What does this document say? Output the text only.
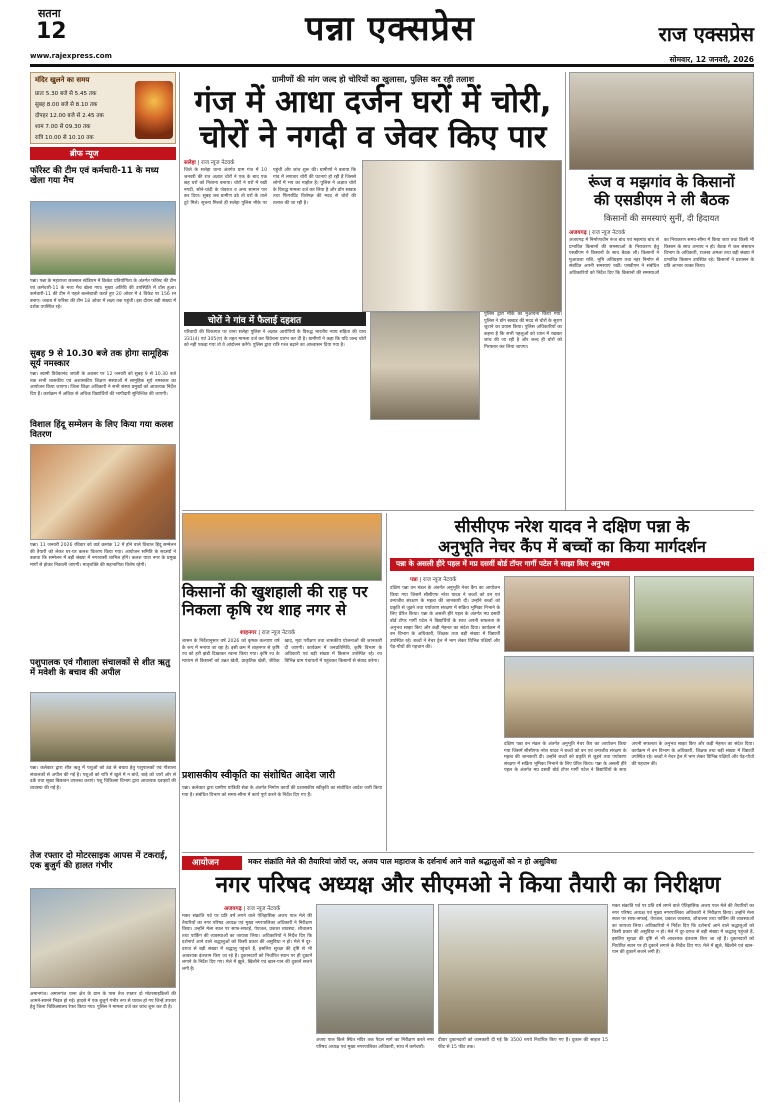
सतना
12
www.rajexpress.com
पन्ना एक्सप्रेस	राज एक्सप्रेस
सोमवार, 12 जनवरी, 2026
मंदिर खुलने का समय
प्रातः 5.30 बजे से 5.45 तक
सुबह 8.00 बजे से 8.10 तक
दोपहर 12.00 बजे से 2.45 तक
शाम 7.00 से 09.30 तक
रात्रि 10.00 से 10.10 तक
ब्रीफ न्यूज
फॉरेस्ट की टीम एवं कर्मचारी-11 के मध्य खेला गया मैच
पन्ना। पन्ना के महाराजा छत्रसाल स्टेडियम में क्रिकेट प्रतियोगिता के अंतर्गत फॉरेस्ट की टीम एवं कर्मचारी-11 के मध्य मैच खेला गया। मुख्य अतिथि की उपस्थिति में टॉस हुआ। कर्मचारी-11 की टीम ने पहले बल्लेबाजी करते हुए 20 ओवर में 4 विकेट पर 156 रन बनाए। जवाब में फॉरेस्ट की टीम 18 ओवर में लक्ष्य तक पहुंची। इस दौरान बड़ी संख्या में दर्शक उपस्थित रहे।
सुबह 9 से 10.30 बजे तक होगा सामूहिक सूर्य नमस्कार
पन्ना। स्वामी विवेकानंद जयंती के अवसर पर 12 जनवरी को सुबह 9 से 10.30 बजे तक सभी शासकीय एवं अशासकीय शिक्षण संस्थाओं में सामूहिक सूर्य नमस्कार का आयोजन किया जाएगा। जिला शिक्षा अधिकारी ने सभी संस्था प्रमुखों को आवश्यक निर्देश दिए हैं। कार्यक्रम में अधिक से अधिक विद्यार्थियों की भागीदारी सुनिश्चित की जाएगी।
विशाल हिंदू सम्मेलन के लिए किया गया कलश वितरण
पन्ना। 11 जनवरी 2026 रविवार को वार्ड क्रमांक 12 में होने वाले विशाल हिंदू सम्मेलन की तैयारी को लेकर घर-घर कलश वितरण किया गया। आयोजन समिति के सदस्यों ने बताया कि सम्मेलन में बड़ी संख्या में नगरवासी शामिल होंगे। कलश यात्रा नगर के प्रमुख मार्गों से होकर निकाली जाएगी। मातृशक्ति की सहभागिता विशेष रहेगी।
पशुपालक एवं गौशाला संचालकों से शीत ऋतु में मवेशी के बचाव की अपील
पन्ना। कलेक्टर द्वारा शीत ऋतु में पशुओं को ठंड से बचाव हेतु पशुपालकों एवं गौशाला संचालकों से अपील की गई है। पशुओं को रात्रि में खुले में न बांधें, बाड़े को चारों ओर से ढकें तथा सूखा बिछावन उपलब्ध कराएं। पशु चिकित्सा विभाग द्वारा आवश्यक दवाइयों की व्यवस्था की गई है।
तेज रफ्तार दो मोटरसाइक आपस में टकराई, एक बुजुर्ग की हालत गंभीर
अमानगंज। अमानगंज थाना क्षेत्र के ग्राम के पास तेज रफ्तार दो मोटरसाइकिलों की आमने-सामने भिड़ंत हो गई। हादसे में एक बुजुर्ग गंभीर रूप से घायल हो गए जिन्हें उपचार हेतु जिला चिकित्सालय रेफर किया गया। पुलिस ने मामला दर्ज कर जांच शुरू कर दी है।
ग्रामीणों की मांग जल्द हो चोरियों का खुलासा, पुलिस कर रही तलाश
गंज में आधा दर्जन घरों में चोरी,
चोरों ने नगदी व जेवर किए पार
सलेहा | राज न्यूज नेटवर्क
जिले के सलेहा थाना अंतर्गत ग्राम गंज में 10 जनवरी की रात अज्ञात चोरों ने एक के बाद एक छह घरों को निशाना बनाया। चोरों ने घरों में रखी नगदी, सोने-चांदी के जेवरात व अन्य सामान पार कर दिया। सुबह जब ग्रामीण उठे तो घरों के ताले टूटे मिले। सूचना मिलते ही सलेहा पुलिस मौके पर पहुंची और जांच शुरू की। ग्रामीणों ने बताया कि गांव में लगातार चोरी की घटनाएं हो रही हैं जिससे लोगों में भय का माहौल है। पुलिस ने अज्ञात चोरों के विरुद्ध मामला दर्ज कर लिया है और डॉग स्क्वाड तथा फिंगरप्रिंट विशेषज्ञ की मदद से चोरों की तलाश की जा रही है।
चोरों ने गांव में फैलाई दहशत
परिवादी की शिकायत पर थाना सलेहा पुलिस ने अज्ञात आरोपियों के विरुद्ध भारतीय न्याय संहिता की धारा 331(4) एवं 305(ए) के तहत मामला दर्ज कर विवेचना प्रारंभ कर दी है। ग्रामीणों ने कहा कि यदि जल्द चोरों को नहीं पकड़ा गया तो वे आंदोलन करेंगे। पुलिस द्वारा रात्रि गश्त बढ़ाने का आश्वासन दिया गया है।
पुलिस द्वारा मौके का मुआयना किया गया। पुलिस ने डॉग स्क्वाड की मदद से चोरों के सुराग जुटाने का प्रयास किया। पुलिस अधिकारियों का कहना है कि सभी पहलुओं को ध्यान में रखकर जांच की जा रही है और जल्द ही चोरों को गिरफ्तार कर लिया जाएगा।
रूंज व मझगांव के किसानों
की एसडीएम ने ली बैठक
किसानों की समस्याएं सुनीं, दी हिदायत
अजयगढ़ | राज न्यूज नेटवर्क
अजयगढ़ में निर्माणाधीन रूंज बांध एवं मझगांव बांध से प्रभावित किसानों की समस्याओं के निराकरण हेतु एसडीएम ने किसानों के साथ बैठक ली। किसानों ने मुआवजा राशि, भूमि अधिग्रहण तथा नहर निर्माण से संबंधित अपनी समस्याएं रखीं। एसडीएम ने संबंधित अधिकारियों को निर्देश दिए कि किसानों की समस्याओं का निराकरण समय-सीमा में किया जाए तथा किसी भी किसान के साथ अन्याय न हो। बैठक में जल संसाधन विभाग के अधिकारी, राजस्व अमला तथा बड़ी संख्या में प्रभावित किसान उपस्थित रहे। किसानों ने प्रशासन के प्रति आभार व्यक्त किया।
किसानों की खुशहाली की राह पर
निकला कृषि रथ शाह नगर से
शाहनगर | राज न्यूज नेटवर्क
शासन के निर्देशानुसार वर्ष 2026 को कृषक कल्याण वर्ष के रूप में मनाया जा रहा है। इसी क्रम में शाहनगर से कृषि रथ को हरी झंडी दिखाकर रवाना किया गया। कृषि रथ के माध्यम से किसानों को उन्नत खेती, प्राकृतिक खेती, जैविक खाद, मृदा परीक्षण तथा शासकीय योजनाओं की जानकारी दी जाएगी। कार्यक्रम में जनप्रतिनिधि, कृषि विभाग के अधिकारी एवं बड़ी संख्या में किसान उपस्थित रहे। रथ विभिन्न ग्राम पंचायतों में पहुंचकर किसानों से संवाद करेगा।
प्रशासकीय स्वीकृति का संशोधित आदेश जारी
पन्ना। कलेक्टर द्वारा ग्रामीण यांत्रिकी सेवा के अंतर्गत निर्माण कार्यों की प्रशासकीय स्वीकृति का संशोधित आदेश जारी किया गया है। संबंधित विभाग को समय-सीमा में कार्य पूर्ण करने के निर्देश दिए गए हैं।
सीसीएफ नरेश यादव ने दक्षिण पन्ना के
अनुभूति नेचर कैंप में बच्चों का किया मार्गदर्शन
पन्ना के असली हीरे पहल में मप्र दसवीं बोर्ड टॉपर गार्गी पटेल ने साझा किए अनुभव
पन्ना | राज न्यूज नेटवर्क
दक्षिण पन्ना वन मंडल के अंतर्गत अनुभूति नेचर कैंप का आयोजन किया गया जिसमें सीसीएफ नरेश यादव ने बच्चों को वन एवं वन्यजीव संरक्षण के महत्व की जानकारी दी। उन्होंने बच्चों को प्रकृति से जुड़ने तथा पर्यावरण संरक्षण में सक्रिय भूमिका निभाने के लिए प्रेरित किया। पन्ना के असली हीरे पहल के अंतर्गत मप्र दसवीं बोर्ड टॉपर गार्गी पटेल ने विद्यार्थियों के साथ अपनी सफलता के अनुभव साझा किए और कड़ी मेहनत का संदेश दिया। कार्यक्रम में वन विभाग के अधिकारी, शिक्षक तथा बड़ी संख्या में विद्यार्थी उपस्थित रहे। बच्चों ने नेचर ट्रेल में भाग लेकर विभिन्न पक्षियों और पेड़-पौधों की पहचान की।
दक्षिण पन्ना वन मंडल के अंतर्गत अनुभूति नेचर कैंप का आयोजन किया गया जिसमें सीसीएफ नरेश यादव ने बच्चों को वन एवं वन्यजीव संरक्षण के महत्व की जानकारी दी। उन्होंने बच्चों को प्रकृति से जुड़ने तथा पर्यावरण संरक्षण में सक्रिय भूमिका निभाने के लिए प्रेरित किया। पन्ना के असली हीरे पहल के अंतर्गत मप्र दसवीं बोर्ड टॉपर गार्गी पटेल ने विद्यार्थियों के साथ अपनी सफलता के अनुभव साझा किए और कड़ी मेहनत का संदेश दिया। कार्यक्रम में वन विभाग के अधिकारी, शिक्षक तथा बड़ी संख्या में विद्यार्थी उपस्थित रहे। बच्चों ने नेचर ट्रेल में भाग लेकर विभिन्न पक्षियों और पेड़-पौधों की पहचान की।
आयोजन	मकर संक्रांति मेले की तैयारियां जोरों पर, अजय पाल महाराज के दर्शनार्थ आने वाले श्रद्धालुओं को न हो असुविधा
नगर परिषद अध्यक्ष और सीएमओ ने किया तैयारी का निरीक्षण
अजयगढ़ | राज न्यूज नेटवर्क
मकर संक्रांति पर्व पर प्रति वर्ष लगने वाले ऐतिहासिक अजय पाल मेले की तैयारियों का नगर परिषद अध्यक्ष एवं मुख्य नगरपालिका अधिकारी ने निरीक्षण किया। उन्होंने मेला स्थल पर साफ-सफाई, पेयजल, प्रकाश व्यवस्था, शौचालय तथा पार्किंग की व्यवस्थाओं का जायजा लिया। अधिकारियों ने निर्देश दिए कि दर्शनार्थ आने वाले श्रद्धालुओं को किसी प्रकार की असुविधा न हो। मेले में दूर-दराज से बड़ी संख्या में श्रद्धालु पहुंचते हैं, इसलिए सुरक्षा की दृष्टि से भी आवश्यक इंतजाम किए जा रहे हैं। दुकानदारों को निर्धारित स्थान पर ही दुकानें लगाने के निर्देश दिए गए। मेले में झूले, खिलौने एवं खान-पान की दुकानें सजने लगी हैं।
अजय पाल किले स्थित मंदिर तक पैदल मार्ग का निरीक्षण करते नगर परिषद अध्यक्ष एवं मुख्य नगरपालिका अधिकारी, साथ में कर्मचारी।
दीवार दुकानदारों को जानकारी दी गई कि 3500 रुपये निर्धारित किए गए हैं। दुकान की साइज 15 फीट से 15 फीट तक।
मकर संक्रांति पर्व पर प्रति वर्ष लगने वाले ऐतिहासिक अजय पाल मेले की तैयारियों का नगर परिषद अध्यक्ष एवं मुख्य नगरपालिका अधिकारी ने निरीक्षण किया। उन्होंने मेला स्थल पर साफ-सफाई, पेयजल, प्रकाश व्यवस्था, शौचालय तथा पार्किंग की व्यवस्थाओं का जायजा लिया। अधिकारियों ने निर्देश दिए कि दर्शनार्थ आने वाले श्रद्धालुओं को किसी प्रकार की असुविधा न हो। मेले में दूर-दराज से बड़ी संख्या में श्रद्धालु पहुंचते हैं, इसलिए सुरक्षा की दृष्टि से भी आवश्यक इंतजाम किए जा रहे हैं। दुकानदारों को निर्धारित स्थान पर ही दुकानें लगाने के निर्देश दिए गए। मेले में झूले, खिलौने एवं खान-पान की दुकानें सजने लगी हैं।
